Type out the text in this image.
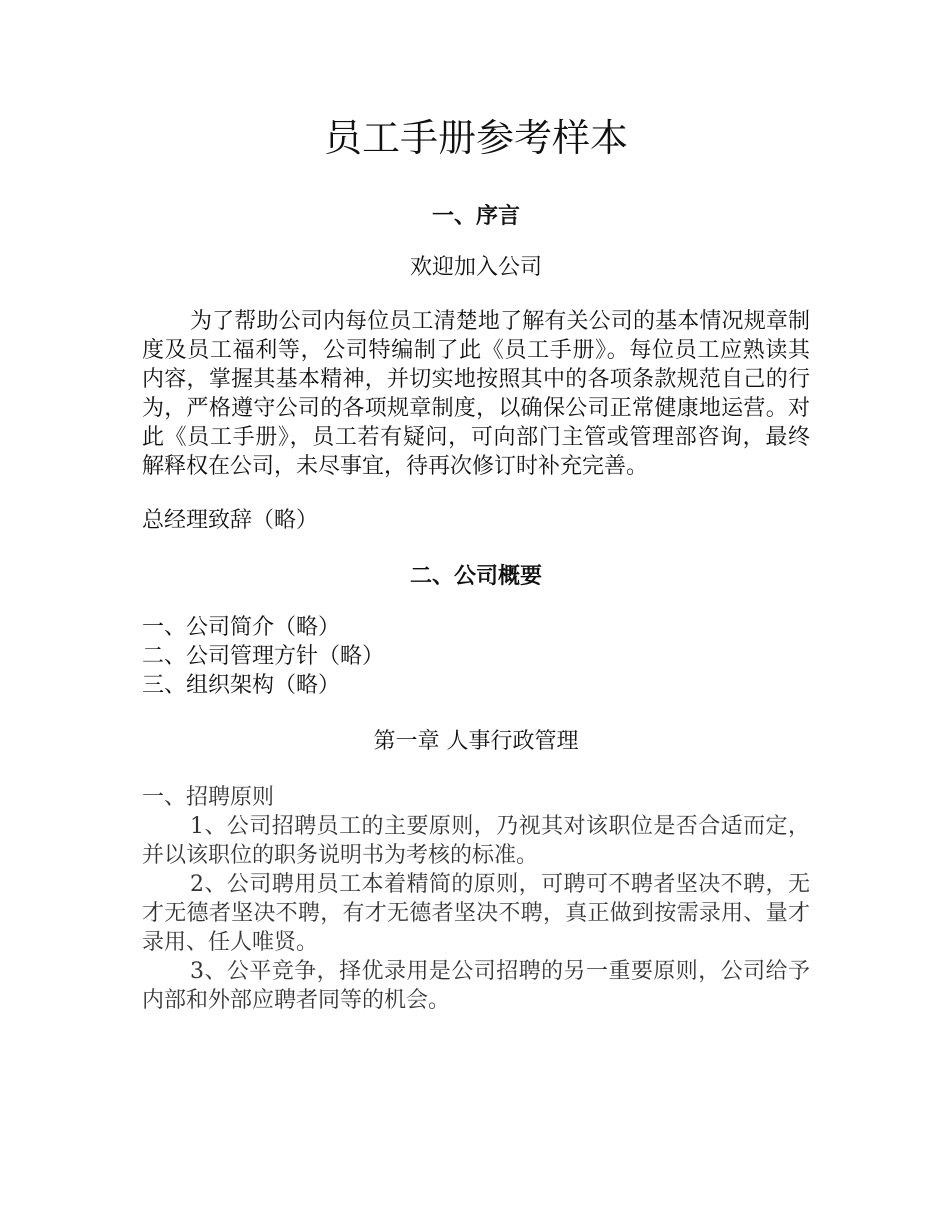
员工手册参考样本
一、序言

欢迎加入公司

为了帮助公司内每位员工清楚地了解有关公司的基本情况规章制度及员工福利等，公司特编制了此《员工手册》。每位员工应熟读其内容，掌握其基本精神，并切实地按照其中的各项条款规范自己的行为，严格遵守公司的各项规章制度，以确保公司正常健康地运营。对此《员工手册》，员工若有疑问，可向部门主管或管理部咨询，最终解释权在公司，未尽事宜，待再次修订时补充完善。

总经理致辞（略）

二、公司概要
一、公司简介（略）
二、公司管理方针（略）
三、组织架构（略）

第一章 人事行政管理

一、招聘原则

1、公司招聘员工的主要原则，乃视其对该职位是否合适而定，并以该职位的职务说明书为考核的标准。

2、公司聘用员工本着精简的原则，可聘可不聘者坚决不聘，无才无德者坚决不聘，有才无德者坚决不聘，真正做到按需录用、量才录用、任人唯贤。

3、公平竞争，择优录用是公司招聘的另一重要原则，公司给予内部和外部应聘者同等的机会。
